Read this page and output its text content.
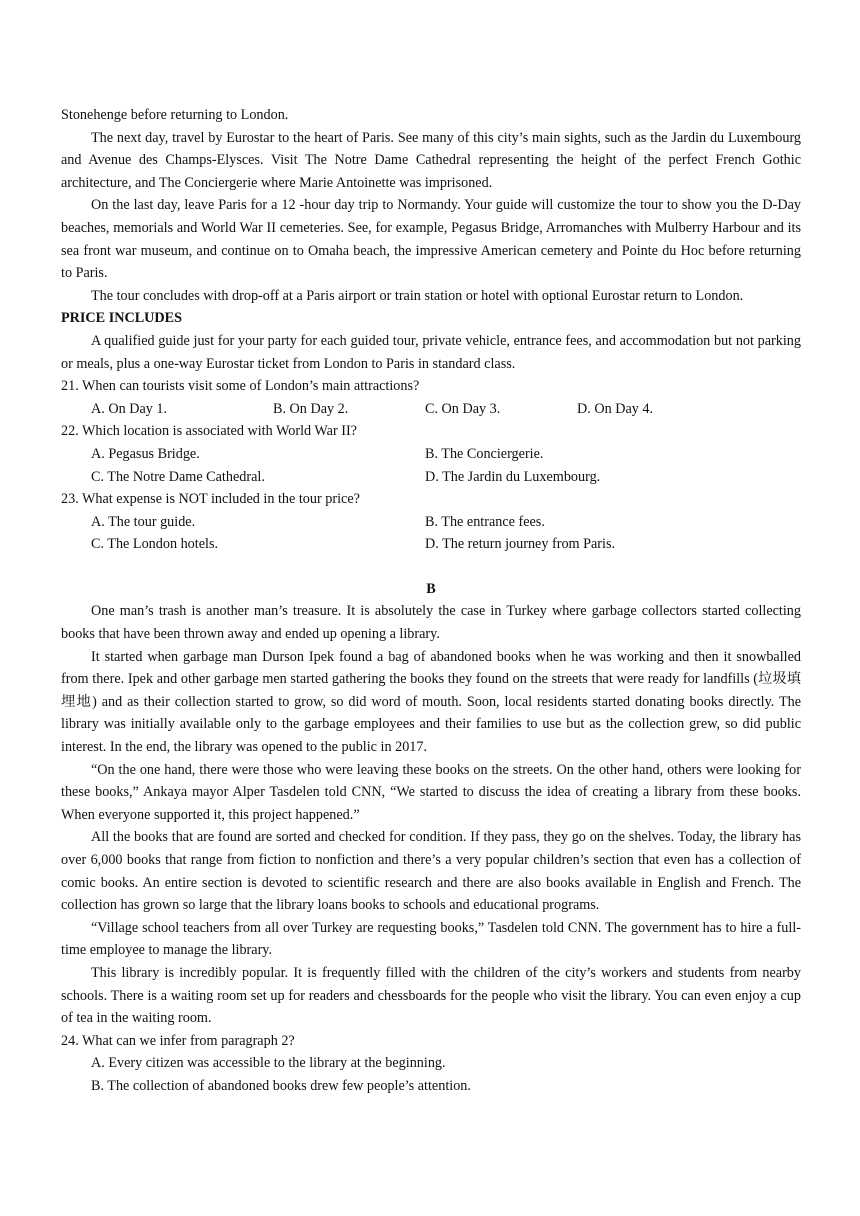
Stonehenge before returning to London.

The next day, travel by Eurostar to the heart of Paris. See many of this city’s main sights, such as the Jardin du Luxembourg and Avenue des Champs-Elysces. Visit The Notre Dame Cathedral representing the height of the perfect French Gothic architecture, and The Conciergerie where Marie Antoinette was imprisoned.

On the last day, leave Paris for a 12 -hour day trip to Normandy. Your guide will customize the tour to show you the D-Day beaches, memorials and World War II cemeteries. See, for example, Pegasus Bridge, Arromanches with Mulberry Harbour and its sea front war museum, and continue on to Omaha beach, the impressive American cemetery and Pointe du Hoc before returning to Paris.

The tour concludes with drop-off at a Paris airport or train station or hotel with optional Eurostar return to London.

PRICE INCLUDES

A qualified guide just for your party for each guided tour, private vehicle, entrance fees, and accommodation but not parking or meals, plus a one-way Eurostar ticket from London to Paris in standard class.

21. When can tourists visit some of London’s main attractions?

A. On Day 1.	B. On Day 2.	C. On Day 3.	D. On Day 4.

22. Which location is associated with World War II?

A. Pegasus Bridge.	B. The Conciergerie.
C. The Notre Dame Cathedral.	D. The Jardin du Luxembourg.

23. What expense is NOT included in the tour price?

A. The tour guide.	B. The entrance fees.
C. The London hotels.	D. The return journey from Paris.

B

One man’s trash is another man’s treasure. It is absolutely the case in Turkey where garbage collectors started collecting books that have been thrown away and ended up opening a library.

It started when garbage man Durson Ipek found a bag of abandoned books when he was working and then it snowballed from there. Ipek and other garbage men started gathering the books they found on the streets that were ready for landfills (垃圾填埋地) and as their collection started to grow, so did word of mouth. Soon, local residents started donating books directly. The library was initially available only to the garbage employees and their families to use but as the collection grew, so did public interest. In the end, the library was opened to the public in 2017.

“On the one hand, there were those who were leaving these books on the streets. On the other hand, others were looking for these books,” Ankaya mayor Alper Tasdelen told CNN, “We started to discuss the idea of creating a library from these books. When everyone supported it, this project happened.”

All the books that are found are sorted and checked for condition. If they pass, they go on the shelves. Today, the library has over 6,000 books that range from fiction to nonfiction and there’s a very popular children’s section that even has a collection of comic books. An entire section is devoted to scientific research and there are also books available in English and French. The collection has grown so large that the library loans books to schools and educational programs.

“Village school teachers from all over Turkey are requesting books,” Tasdelen told CNN. The government has to hire a full-time employee to manage the library.

This library is incredibly popular. It is frequently filled with the children of the city’s workers and students from nearby schools. There is a waiting room set up for readers and chessboards for the people who visit the library. You can even enjoy a cup of tea in the waiting room.

24. What can we infer from paragraph 2?

A. Every citizen was accessible to the library at the beginning.

B. The collection of abandoned books drew few people’s attention.
